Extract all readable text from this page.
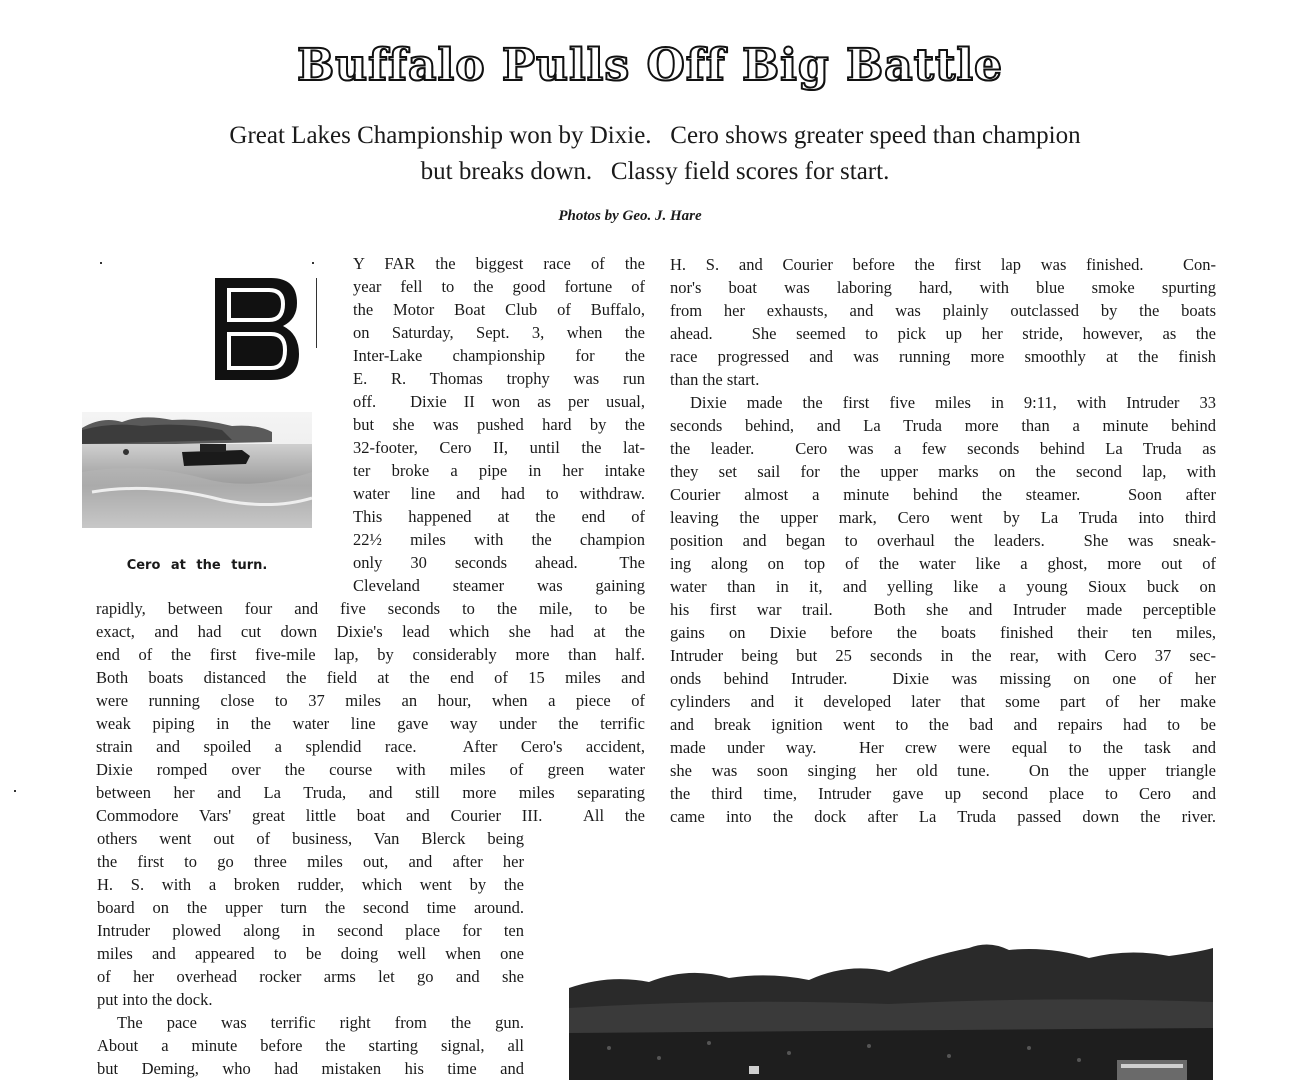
Buffalo Pulls Off Big Battle
Great Lakes Championship won by Dixie.   Cero shows greater speed than champion
but breaks down.   Classy field scores for start.
Photos by Geo. J. Hare
Cero at the turn.
Y  FAR  the  biggest  race  of  the
year fell to the good fortune of
the Motor Boat Club of Buffalo,
on Saturday, Sept. 3, when the
Inter-Lake championship for the
E. R. Thomas trophy was run
off.  Dixie II won as per usual,
but she was pushed hard by the
32-footer, Cero II, until the lat-
ter broke a pipe in her intake
water line and had to withdraw.
This happened at the end of
22½  miles  with  the  champion
only  30  seconds  ahead.   The
Cleveland  steamer  was  gaining
rapidly, between four and five seconds to the mile, to be
exact, and had cut down Dixie's lead which she had at the
end of the first five-mile lap, by considerably more than half.
Both boats distanced the field at the end of 15 miles and
were running close to 37 miles an hour, when a piece of
weak piping in the water line gave way under the terrific
strain and spoiled a splendid race.  After Cero's accident,
Dixie romped over the course with miles of green water
between her and La Truda, and still more miles separating
Commodore Vars' great little boat and Courier III.  All the
others went out of business, Van Blerck being
the first to go three miles out, and after her
H. S. with a broken rudder, which went by the
board on the upper turn the second time around.
Intruder plowed along in second place for ten
miles and appeared to be doing well when one
of her overhead rocker arms let go and she
put into the dock.
The pace was terrific right from the gun.
About a minute before the starting signal, all
but Deming, who had mistaken his time and
H. S. and Courier before the first lap was finished.  Con-
nor's boat was laboring hard, with blue smoke spurting
from her exhausts, and was plainly outclassed by the boats
ahead.  She seemed to pick up her stride, however, as the
race progressed and was running more smoothly at the finish
than the start.
Dixie made the first five miles in 9:11, with Intruder 33
seconds behind, and La Truda more than a minute behind
the leader.  Cero was a few seconds behind La Truda as
they set sail for the upper marks on the second lap, with
Courier almost a minute behind the steamer.  Soon after
leaving the upper mark, Cero went by La Truda into third
position and began to overhaul the leaders.  She was sneak-
ing along on top of the water like a ghost, more out of
water than in it, and yelling like a young Sioux buck on
his first war trail.  Both she and Intruder made perceptible
gains on Dixie before the boats finished their ten miles,
Intruder being but 25 seconds in the rear, with Cero 37 sec-
onds behind Intruder.  Dixie was missing on one of her
cylinders and it developed later that some part of her make
and break ignition went to the bad and repairs had to be
made under way.  Her crew were equal to the task and
she was soon singing her old tune.  On the upper triangle
the third time, Intruder gave up second place to Cero and
came into the dock after La Truda passed down the river.
